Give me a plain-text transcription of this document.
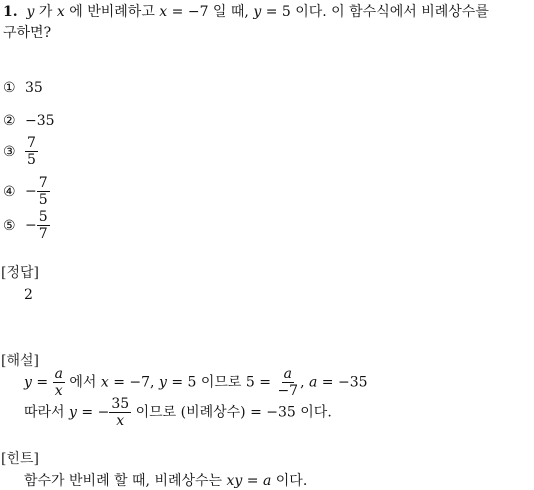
1. y 가 x 에 반비례하고 x = −7 일 때, y = 5 이다. 이 함수식에서 비례상수를
구하면?
① 35
② −35
③ $\frac{7}{5}$
④ − $\frac{7}{5}$
⑤ − $\frac{5}{7}$
[정답]
2
[해설]
$y = \frac{a}{x}$ 에서 x = −7, y = 5 이므로 $5 = \frac{a}{-7}$ , a = −35
따라서 y = − $\frac{35}{x}$ 이므로 (비례상수) = −35 이다.
[힌트]
함수가 반비례 할 때, 비례상수는 xy = a 이다.
